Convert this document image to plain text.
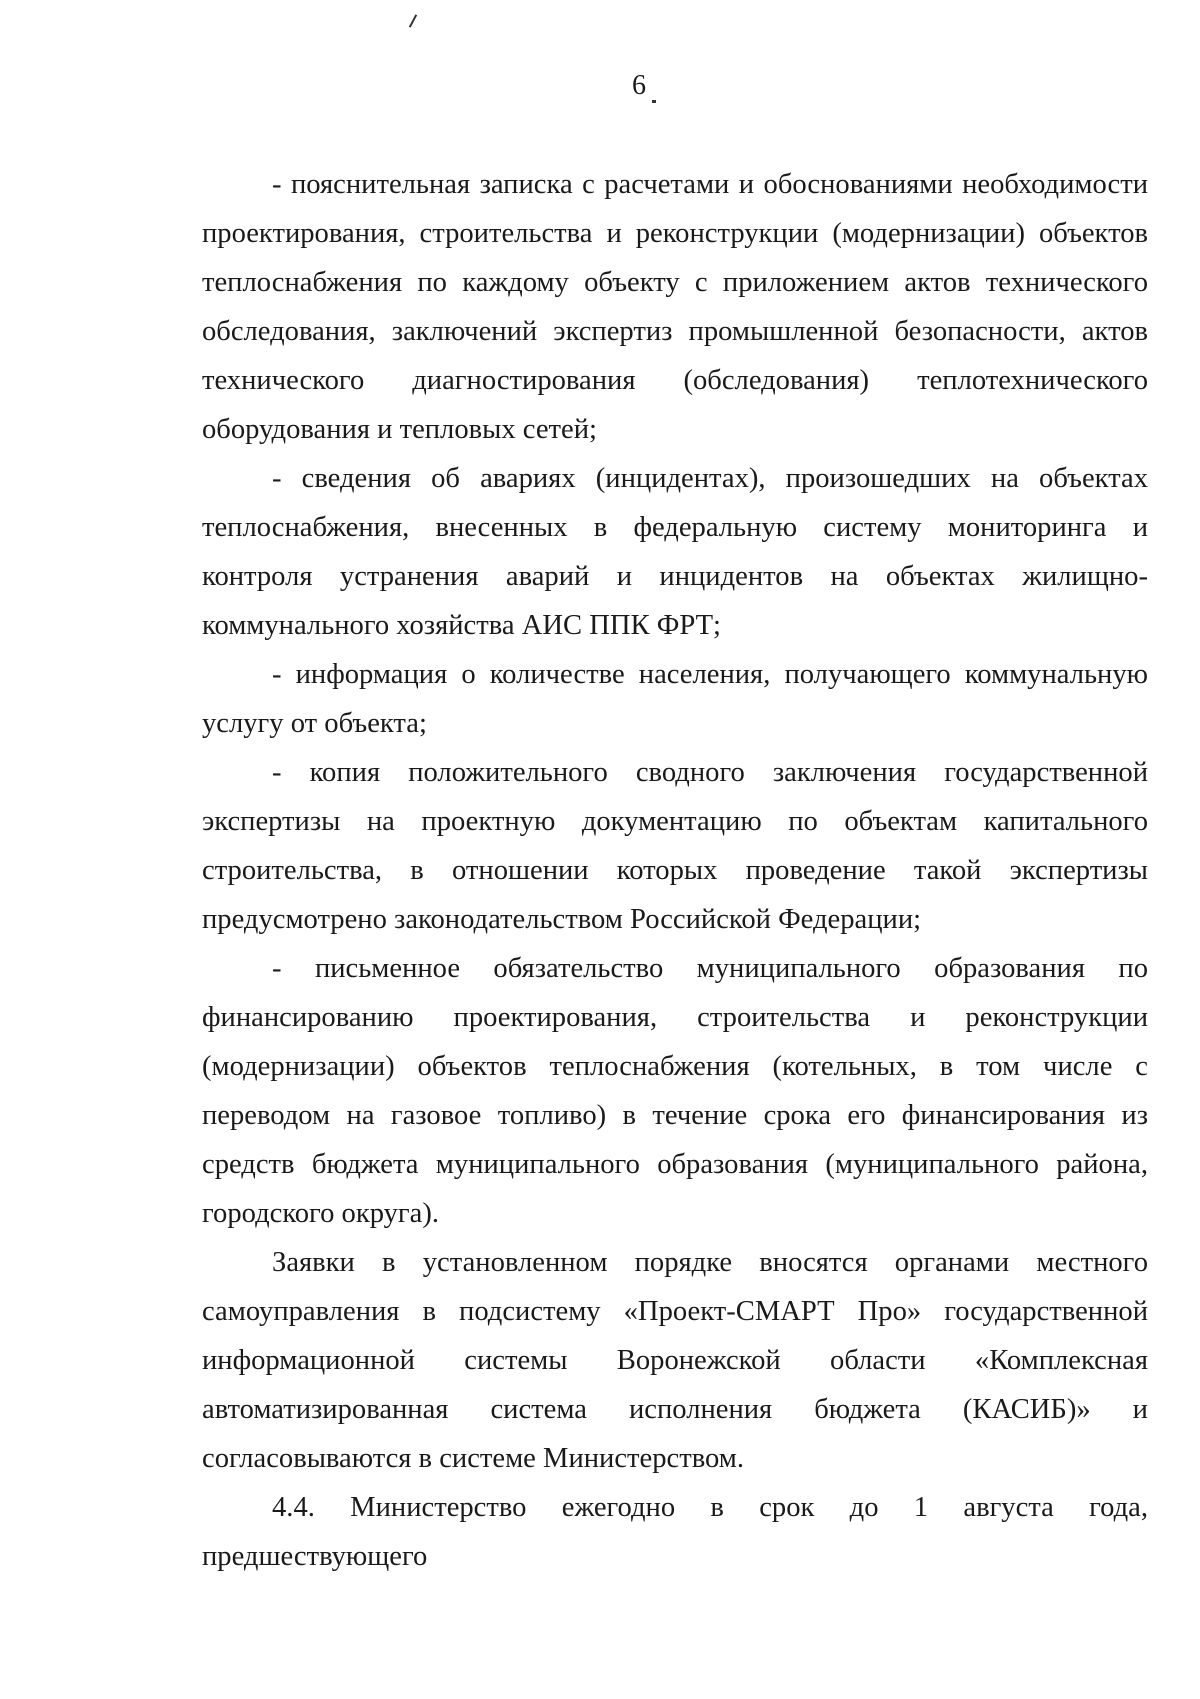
6

- пояснительная записка с расчетами и обоснованиями необходимости проектирования, строительства и реконструкции (модернизации) объектов теплоснабжения по каждому объекту с приложением актов технического обследования, заключений экспертиз промышленной безопасности, актов технического диагностирования (обследования) теплотехнического оборудования и тепловых сетей;

- сведения об авариях (инцидентах), произошедших на объектах теплоснабжения, внесенных в федеральную систему мониторинга и контроля устранения аварий и инцидентов на объектах жилищно-коммунального хозяйства АИС ППК ФРТ;

- информация о количестве населения, получающего коммунальную услугу от объекта;

- копия положительного сводного заключения государственной экспертизы на проектную документацию по объектам капитального строительства, в отношении которых проведение такой экспертизы предусмотрено законодательством Российской Федерации;

- письменное обязательство муниципального образования по финансированию проектирования, строительства и реконструкции (модернизации) объектов теплоснабжения (котельных, в том числе с переводом на газовое топливо) в течение срока его финансирования из средств бюджета муниципального образования (муниципального района, городского округа).

Заявки в установленном порядке вносятся органами местного самоуправления в подсистему «Проект-СМАРТ Про» государственной информационной системы Воронежской области «Комплексная автоматизированная система исполнения бюджета (КАСИБ)» и согласовываются в системе Министерством.

4.4. Министерство ежегодно в срок до 1 августа года, предшествующего
